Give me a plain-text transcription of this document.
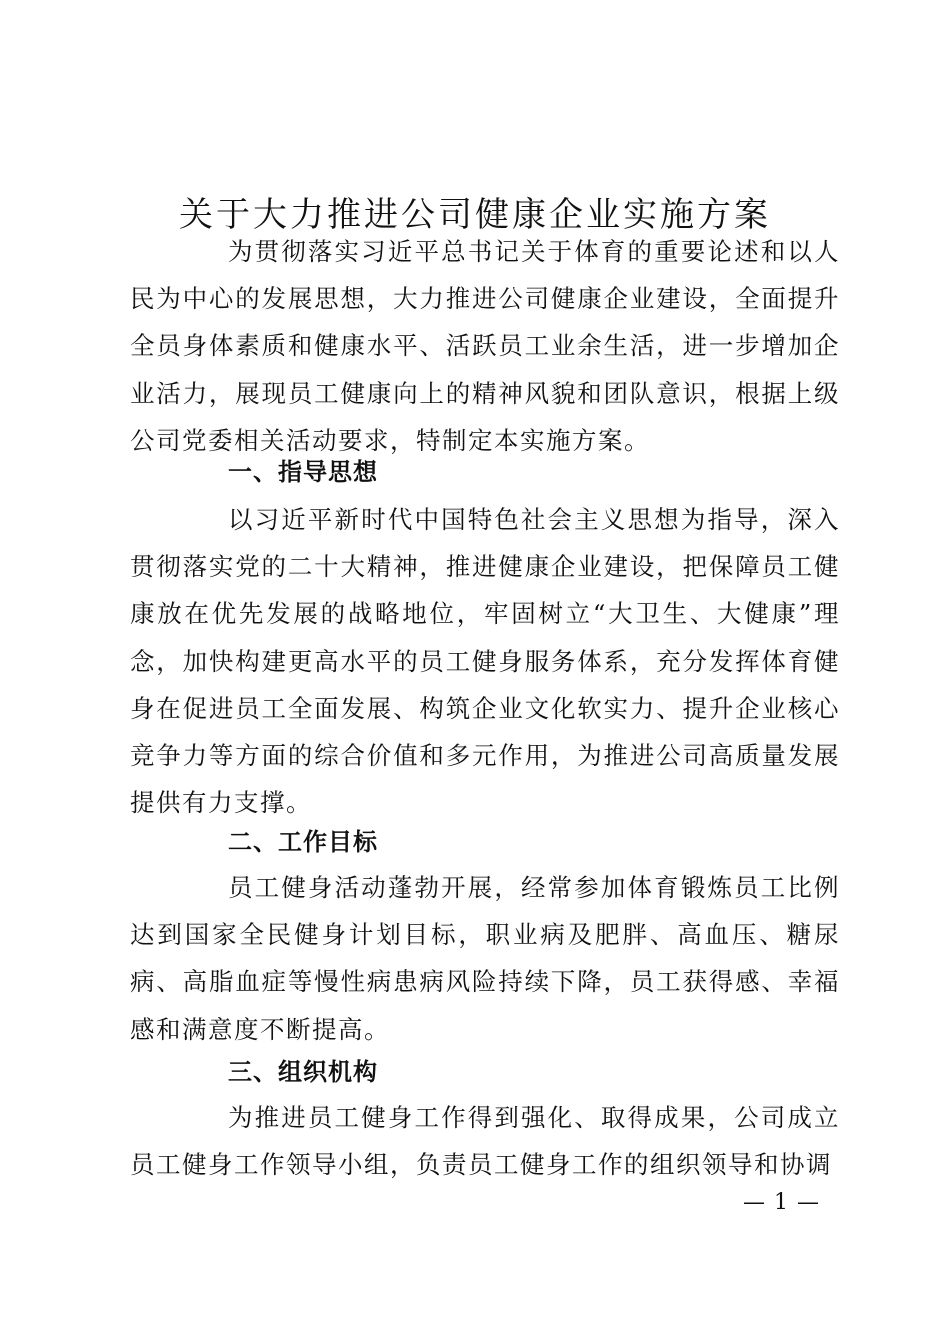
关于大力推进公司健康企业实施方案

为贯彻落实习近平总书记关于体育的重要论述和以人民为中心的发展思想，大力推进公司健康企业建设，全面提升全员身体素质和健康水平、活跃员工业余生活，进一步增加企业活力，展现员工健康向上的精神风貌和团队意识，根据上级公司党委相关活动要求，特制定本实施方案。

一、指导思想

以习近平新时代中国特色社会主义思想为指导，深入贯彻落实党的二十大精神，推进健康企业建设，把保障员工健康放在优先发展的战略地位，牢固树立“大卫生、大健康”理念，加快构建更高水平的员工健身服务体系，充分发挥体育健身在促进员工全面发展、构筑企业文化软实力、提升企业核心竞争力等方面的综合价值和多元作用，为推进公司高质量发展提供有力支撑。

二、工作目标

员工健身活动蓬勃开展，经常参加体育锻炼员工比例达到国家全民健身计划目标，职业病及肥胖、高血压、糖尿病、高脂血症等慢性病患病风险持续下降，员工获得感、幸福感和满意度不断提高。

三、组织机构

为推进员工健身工作得到强化、取得成果，公司成立员工健身工作领导小组，负责员工健身工作的组织领导和协调

— 1 —
